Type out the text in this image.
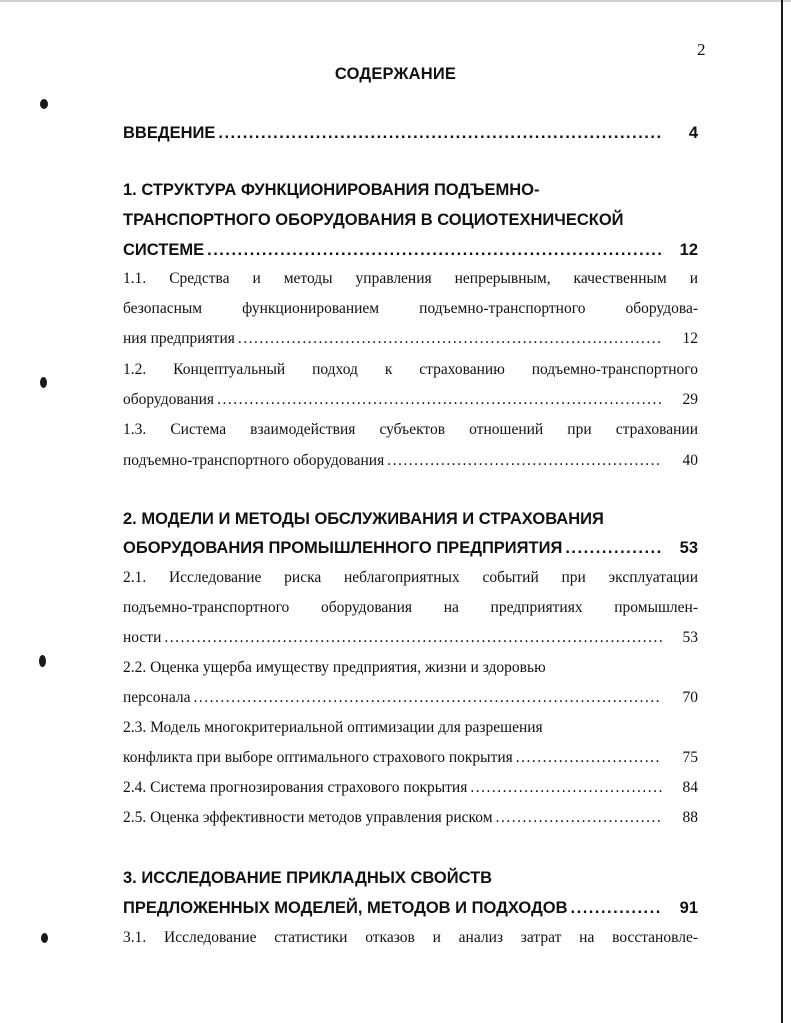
2
СОДЕРЖАНИЕ
ВВЕДЕНИЕ .....	4
1. СТРУКТУРА ФУНКЦИОНИРОВАНИЯ ПОДЪЕМНО-
ТРАНСПОРТНОГО ОБОРУДОВАНИЯ В СОЦИОТЕХНИЧЕСКОЙ
СИСТЕМЕ .....	12
1.1. Средства и методы управления непрерывным, качественным и
безопасным функционированием подъемно-транспортного оборудова-
ния предприятия .....	12
1.2. Концептуальный подход к страхованию подъемно-транспортного
оборудования .....	29
1.3. Система взаимодействия субъектов отношений при страховании
подъемно-транспортного оборудования .....	40
2. МОДЕЛИ И МЕТОДЫ ОБСЛУЖИВАНИЯ И СТРАХОВАНИЯ
ОБОРУДОВАНИЯ ПРОМЫШЛЕННОГО ПРЕДПРИЯТИЯ .....	53
2.1. Исследование риска неблагоприятных событий при эксплуатации
подъемно-транспортного оборудования на предприятиях промышлен-
ности .....	53
2.2. Оценка ущерба имуществу предприятия, жизни и здоровью
персонала .....	70
2.3. Модель многокритериальной оптимизации для разрешения
конфликта при выборе оптимального страхового покрытия .....	75
2.4. Система прогнозирования страхового покрытия .....	84
2.5. Оценка эффективности методов управления риском .....	88
3. ИССЛЕДОВАНИЕ ПРИКЛАДНЫХ СВОЙСТВ
ПРЕДЛОЖЕННЫХ МОДЕЛЕЙ, МЕТОДОВ И ПОДХОДОВ .....	91
3.1. Исследование статистики отказов и анализ затрат на восстановле-
